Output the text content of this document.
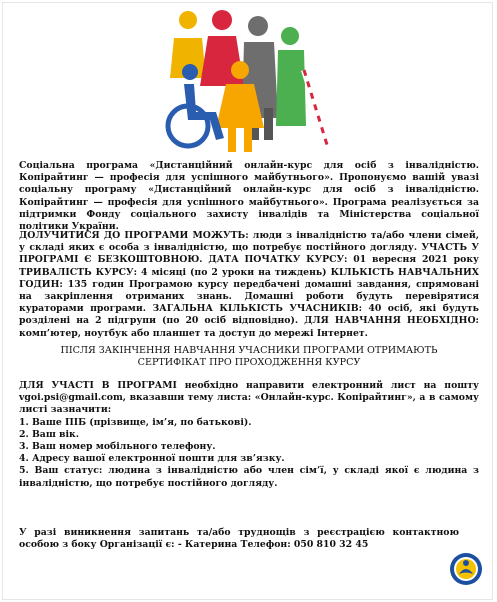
Соціальна програма «Дистанційний онлайн-курс для осіб з інвалідністю. Копірайтинг — професія для успішного майбутнього». Пропонуємо вашій увазі соціальну програму «Дистанційний онлайн-курс для осіб з інвалідністю. Копірайтинг — професія для успішного майбутнього». Програма реалізується за підтримки Фонду соціального захисту інвалідів та Міністерства соціальної політики України.
ДОЛУЧИТИСЯ ДО ПРОГРАМИ МОЖУТЬ: люди з інвалідністю та/або члени сімей, у складі яких є особа з інвалідністю, що потребує постійного догляду. УЧАСТЬ У ПРОГРАМІ Є БЕЗКОШТОВНОЮ. ДАТА ПОЧАТКУ КУРСУ: 01 вересня 2021 року ТРИВАЛІСТЬ КУРСУ: 4 місяці (по 2 уроки на тиждень) КІЛЬКІСТЬ НАВЧАЛЬНИХ ГОДИН: 135 годин Програмою курсу передбачені домашні завдання, спрямовані на закріплення отриманих знань. Домашні роботи будуть перевірятися кураторами програми. ЗАГАЛЬНА КІЛЬКІСТЬ УЧАСНИКІВ: 40 осіб, які будуть розділені на 2 підгрупи (по 20 осіб відповідно). ДЛЯ НАВЧАННЯ НЕОБХІДНО: комп’ютер, ноутбук або планшет та доступ до мережі Інтернет.
ПІСЛЯ ЗАКІНЧЕННЯ НАВЧАННЯ УЧАСНИКИ ПРОГРАМИ ОТРИМАЮТЬ
СЕРТИФІКАТ ПРО ПРОХОДЖЕННЯ КУРСУ
ДЛЯ УЧАСТІ В ПРОГРАМІ необхідно направити електронний лист на пошту vgoi.psi@gmail.com, вказавши тему листа: «Онлайн-курс. Копірайтинг», а в самому листі зазначити:
1. Ваше ПІБ (прізвище, ім’я, по батькові).
2. Ваш вік.
3. Ваш номер мобільного телефону.
4. Адресу вашої електронної пошти для зв’язку.
5. Ваш статус: людина з інвалідністю або член сім’ї, у складі якої є людина з інвалідністю, що потребує постійного догляду.
У разі виникнення запитань та/або труднощів з реєстрацією контактною особою з боку Організації є: - Катерина Телефон: 050 810 32 45
